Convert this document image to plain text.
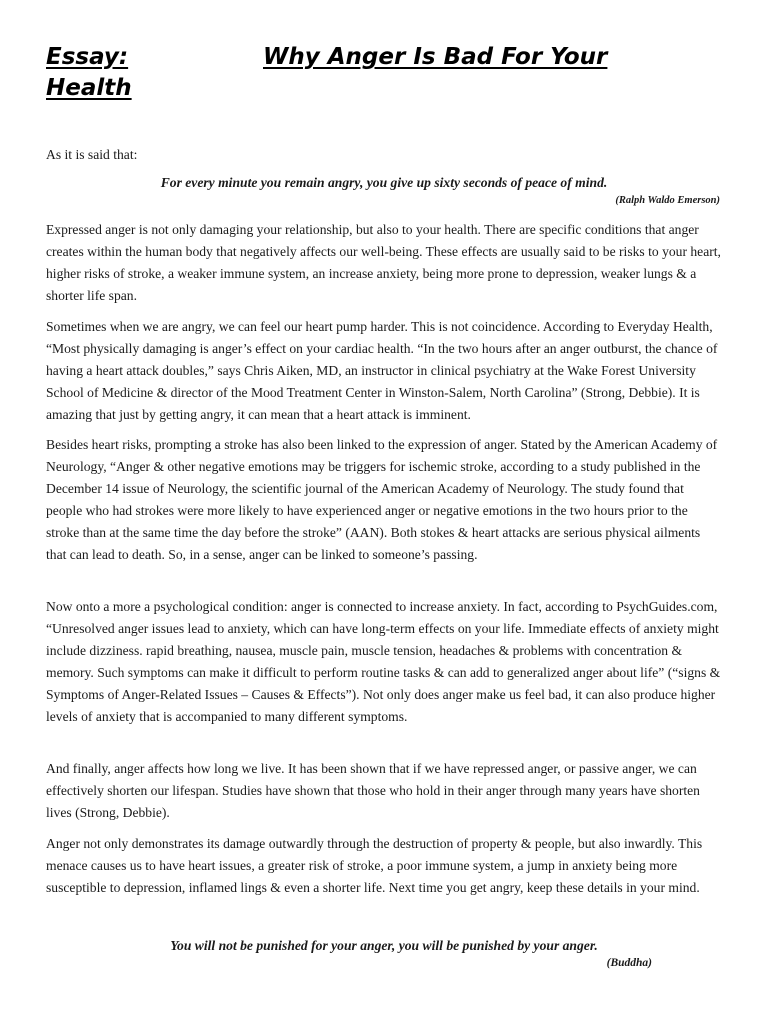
Essay:	Why Anger Is Bad For Your
Health

As it is said that:

For every minute you remain angry, you give up sixty seconds of peace of mind.
(Ralph Waldo Emerson)

Expressed anger is not only damaging your relationship, but also to your health. There are specific conditions that anger creates within the human body that negatively affects our well-being. These effects are usually said to be risks to your heart, higher risks of stroke, a weaker immune system, an increase anxiety, being more prone to depression, weaker lungs & a shorter life span.

Sometimes when we are angry, we can feel our heart pump harder. This is not coincidence. According to Everyday Health, “Most physically damaging is anger’s effect on your cardiac health. “In the two hours after an anger outburst, the chance of having a heart attack doubles,” says Chris Aiken, MD, an instructor in clinical psychiatry at the Wake Forest University School of Medicine & director of the Mood Treatment Center in Winston-Salem, North Carolina” (Strong, Debbie). It is amazing that just by getting angry, it can mean that a heart attack is imminent.

Besides heart risks, prompting a stroke has also been linked to the expression of anger. Stated by the American Academy of Neurology, “Anger & other negative emotions may be triggers for ischemic stroke, according to a study published in the December 14 issue of Neurology, the scientific journal of the American Academy of Neurology. The study found that people who had strokes were more likely to have experienced anger or negative emotions in the two hours prior to the stroke than at the same time the day before the stroke” (AAN). Both stokes & heart attacks are serious physical ailments that can lead to death. So, in a sense, anger can be linked to someone’s passing.

Now onto a more a psychological condition: anger is connected to increase anxiety. In fact, according to PsychGuides.com, “Unresolved anger issues lead to anxiety, which can have long-term effects on your life. Immediate effects of anxiety might include dizziness. rapid breathing, nausea, muscle pain, muscle tension, headaches & problems with concentration & memory. Such symptoms can make it difficult to perform routine tasks & can add to generalized anger about life” (“signs & Symptoms of Anger-Related Issues – Causes & Effects”). Not only does anger make us feel bad, it can also produce higher levels of anxiety that is accompanied to many different symptoms.

And finally, anger affects how long we live. It has been shown that if we have repressed anger, or passive anger, we can effectively shorten our lifespan. Studies have shown that those who hold in their anger through many years have shorten lives (Strong, Debbie).

Anger not only demonstrates its damage outwardly through the destruction of property & people, but also inwardly. This menace causes us to have heart issues, a greater risk of stroke, a poor immune system, a jump in anxiety being more susceptible to depression, inflamed lings & even a shorter life. Next time you get angry, keep these details in your mind.

You will not be punished for your anger, you will be punished by your anger.
(Buddha)
